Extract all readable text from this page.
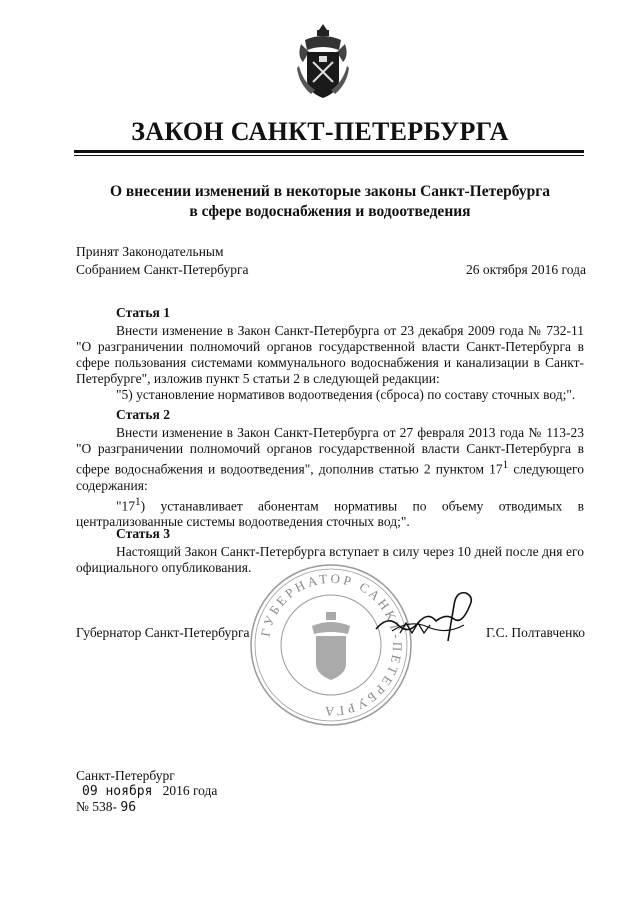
ЗАКОН САНКТ-ПЕТЕРБУРГА
О внесении изменений в некоторые законы Санкт-Петербурга
в сфере водоснабжения и водоотведения
Принят Законодательным
Собранием Санкт-Петербурга	26 октября 2016 года
Статья 1
Внести изменение в Закон Санкт-Петербурга от 23 декабря 2009 года № 732-11 "О разграничении полномочий органов государственной власти Санкт-Петербурга в сфере пользования системами коммунального водоснабжения и канализации в Санкт-Петербурге", изложив пункт 5 статьи 2 в следующей редакции:
"5) установление нормативов водоотведения (сброса) по составу сточных вод;".
Статья 2
Внести изменение в Закон Санкт-Петербурга от 27 февраля 2013 года № 113-23 "О разграничении полномочий органов государственной власти Санкт-Петербурга в сфере водоснабжения и водоотведения", дополнив статью 2 пунктом $17^1$ следующего содержания:
"$17^1$) устанавливает абонентам нормативы по объему отводимых в централизованные системы водоотведения сточных вод;".
Статья 3
Настоящий Закон Санкт-Петербурга вступает в силу через 10 дней после дня его официального опубликования.
ГУБЕРНАТОР САНКТ-ПЕТЕРБУРГА
Губернатор Санкт-Петербурга	Г.С. Полтавченко
Санкт-Петербург
09 ноября 2016 года
№ 538- 96
